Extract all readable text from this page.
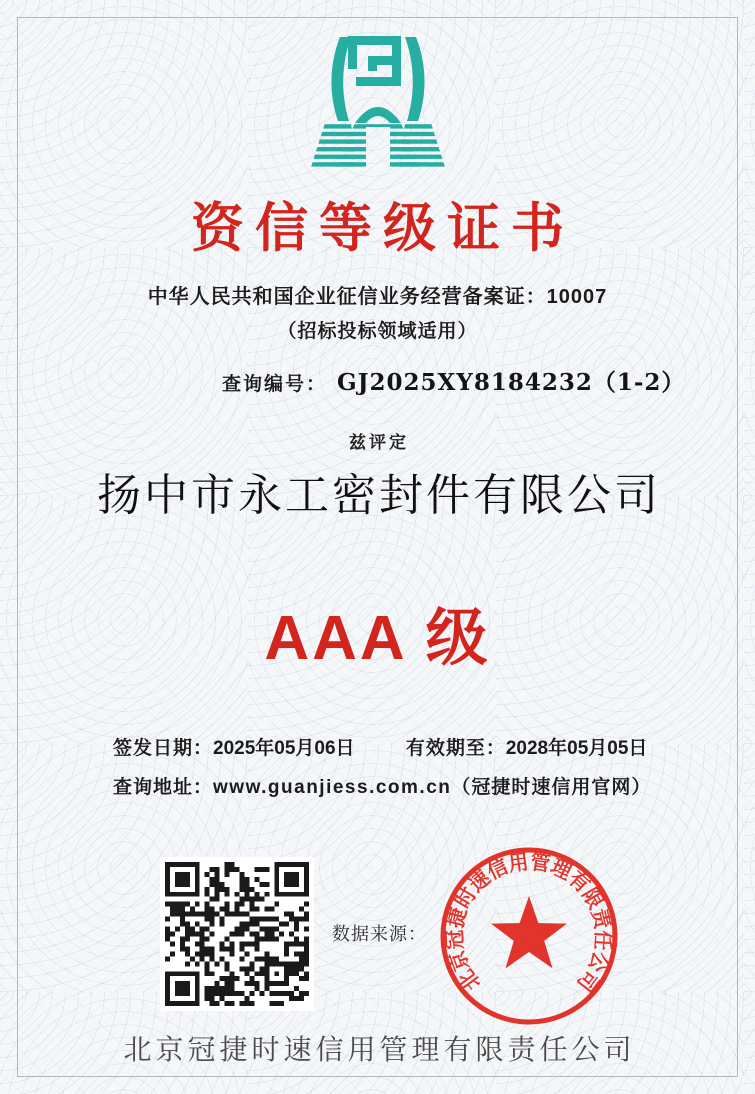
资信等级证书
中华人民共和国企业征信业务经营备案证：10007
（招标投标领域适用）
查询编号： GJ2025XY8184232（1-2）
兹评定
扬中市永工密封件有限公司
AAA 级
签发日期：2025年05月06日	有效期至：2028年05月05日
查询地址：www.guanjiess.com.cn（冠捷时速信用官网）
数据来源：
北京冠捷时速信用管理有限责任公司
北京冠捷时速信用管理有限责任公司
